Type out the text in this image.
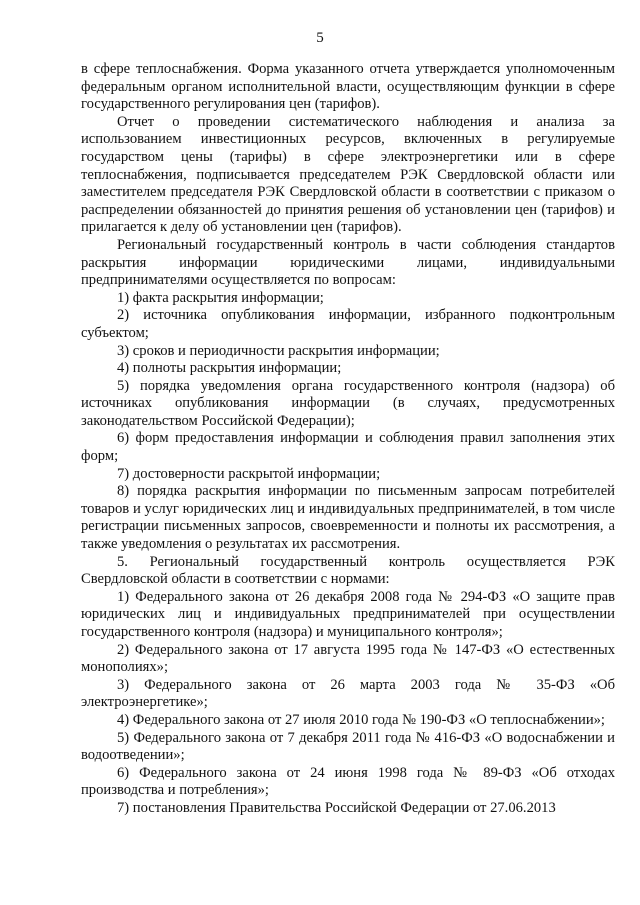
5

в сфере теплоснабжения. Форма указанного отчета утверждается уполномоченным федеральным органом исполнительной власти, осуществляющим функции в сфере государственного регулирования цен (тарифов).

Отчет о проведении систематического наблюдения и анализа за использованием инвестиционных ресурсов, включенных в регулируемые государством цены (тарифы) в сфере электроэнергетики или в сфере теплоснабжения, подписывается председателем РЭК Свердловской области или заместителем председателя РЭК Свердловской области в соответствии с приказом о распределении обязанностей до принятия решения об установлении цен (тарифов) и прилагается к делу об установлении цен (тарифов).

Региональный государственный контроль в части соблюдения стандартов раскрытия информации юридическими лицами, индивидуальными предпринимателями осуществляется по вопросам:

1) факта раскрытия информации;

2) источника опубликования информации, избранного подконтрольным субъектом;

3) сроков и периодичности раскрытия информации;

4) полноты раскрытия информации;

5) порядка уведомления органа государственного контроля (надзора) об источниках опубликования информации (в случаях, предусмотренных законодательством Российской Федерации);

6) форм предоставления информации и соблюдения правил заполнения этих форм;

7) достоверности раскрытой информации;

8) порядка раскрытия информации по письменным запросам потребителей товаров и услуг юридических лиц и индивидуальных предпринимателей, в том числе регистрации письменных запросов, своевременности и полноты их рассмотрения, а также уведомления о результатах их рассмотрения.

5. Региональный государственный контроль осуществляется РЭК Свердловской области в соответствии с нормами:

1) Федерального закона от 26 декабря 2008 года № 294-ФЗ «О защите прав юридических лиц и индивидуальных предпринимателей при осуществлении государственного контроля (надзора) и муниципального контроля»;

2) Федерального закона от 17 августа 1995 года № 147-ФЗ «О естественных монополиях»;

3) Федерального закона от 26 марта 2003 года № 35-ФЗ «Об электроэнергетике»;

4) Федерального закона от 27 июля 2010 года № 190-ФЗ «О теплоснабжении»;

5) Федерального закона от 7 декабря 2011 года № 416-ФЗ «О водоснабжении и водоотведении»;

6) Федерального закона от 24 июня 1998 года № 89-ФЗ «Об отходах производства и потребления»;

7) постановления Правительства Российской Федерации от 27.06.2013
